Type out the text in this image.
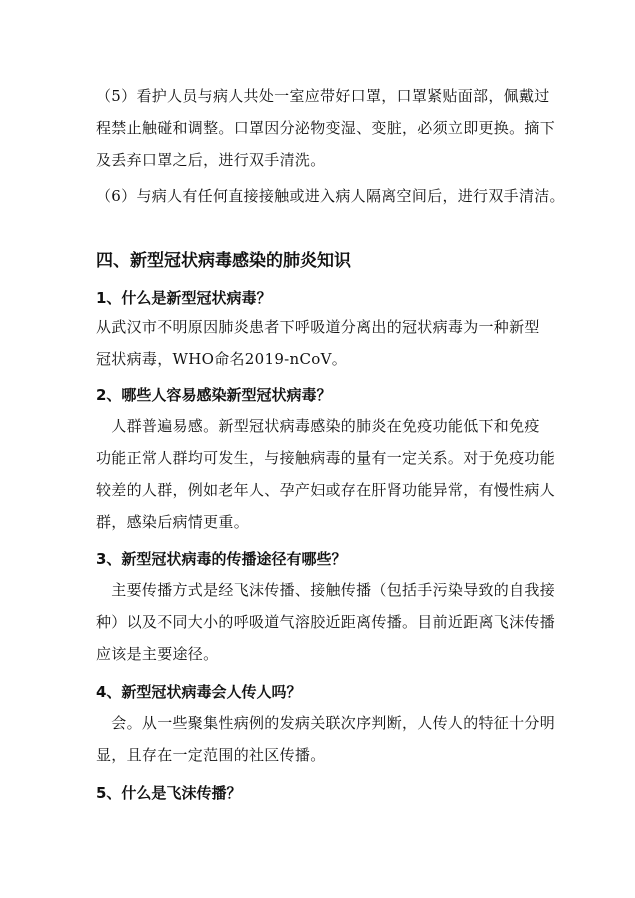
（5）看护人员与病人共处一室应带好口罩，口罩紧贴面部，佩戴过
程禁止触碰和调整。口罩因分泌物变湿、变脏，必须立即更换。摘下
及丢弃口罩之后，进行双手清洗。

（6）与病人有任何直接接触或进入病人隔离空间后，进行双手清洁。

四、新型冠状病毒感染的肺炎知识
1、什么是新型冠状病毒？

从武汉市不明原因肺炎患者下呼吸道分离出的冠状病毒为一种新型
冠状病毒，WHO命名2019-nCoV。

2、哪些人容易感染新型冠状病毒？

　人群普遍易感。新型冠状病毒感染的肺炎在免疫功能低下和免疫
功能正常人群均可发生，与接触病毒的量有一定关系。对于免疫功能
较差的人群，例如老年人、孕产妇或存在肝肾功能异常，有慢性病人
群，感染后病情更重。

3、新型冠状病毒的传播途径有哪些？

　主要传播方式是经飞沫传播、接触传播（包括手污染导致的自我接
种）以及不同大小的呼吸道气溶胶近距离传播。目前近距离飞沫传播
应该是主要途径。

4、新型冠状病毒会人传人吗？

　会。从一些聚集性病例的发病关联次序判断，人传人的特征十分明
显，且存在一定范围的社区传播。

5、什么是飞沫传播？
